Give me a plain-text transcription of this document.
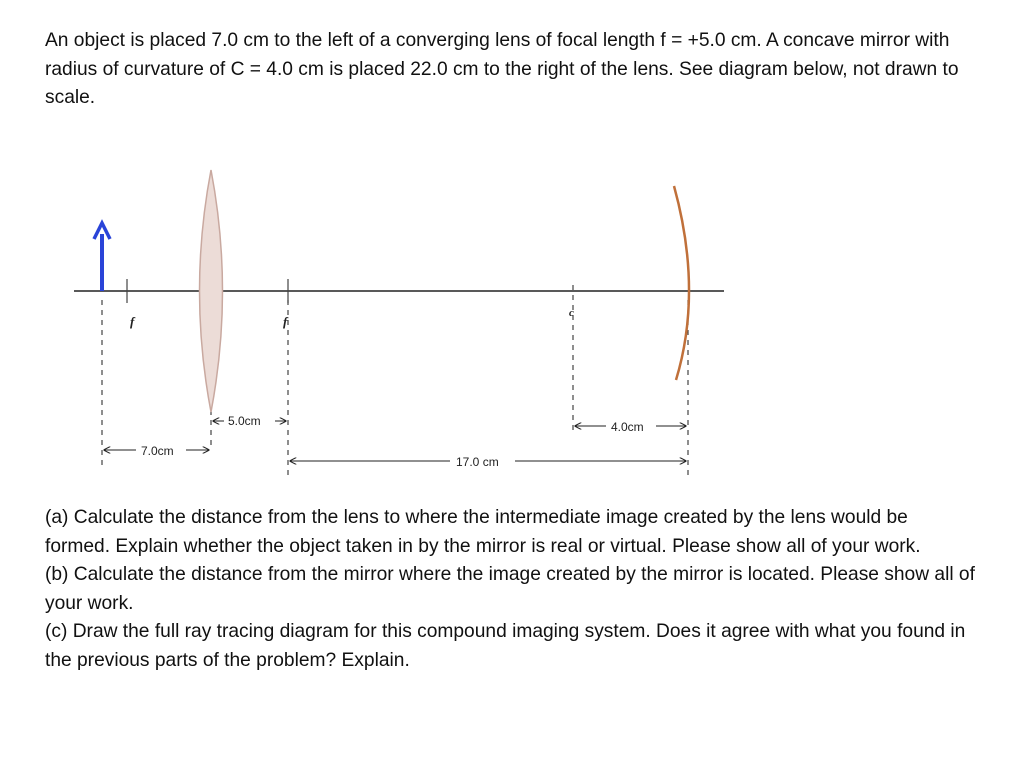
An object is placed 7.0 cm to the left of a converging lens of focal length f = +5.0 cm. A concave mirror with radius of curvature of C = 4.0 cm is placed 22.0 cm to the right of the lens. See diagram below, not drawn to scale.

f	f
c
5.0cm
7.0cm
4.0cm
17.0 cm

(a) Calculate the distance from the lens to where the intermediate image created by the lens would be formed. Explain whether the object taken in by the mirror is real or virtual. Please show all of your work.
(b) Calculate the distance from the mirror where the image created by the mirror is located. Please show all of your work.
(c) Draw the full ray tracing diagram for this compound imaging system. Does it agree with what you found in the previous parts of the problem? Explain.
